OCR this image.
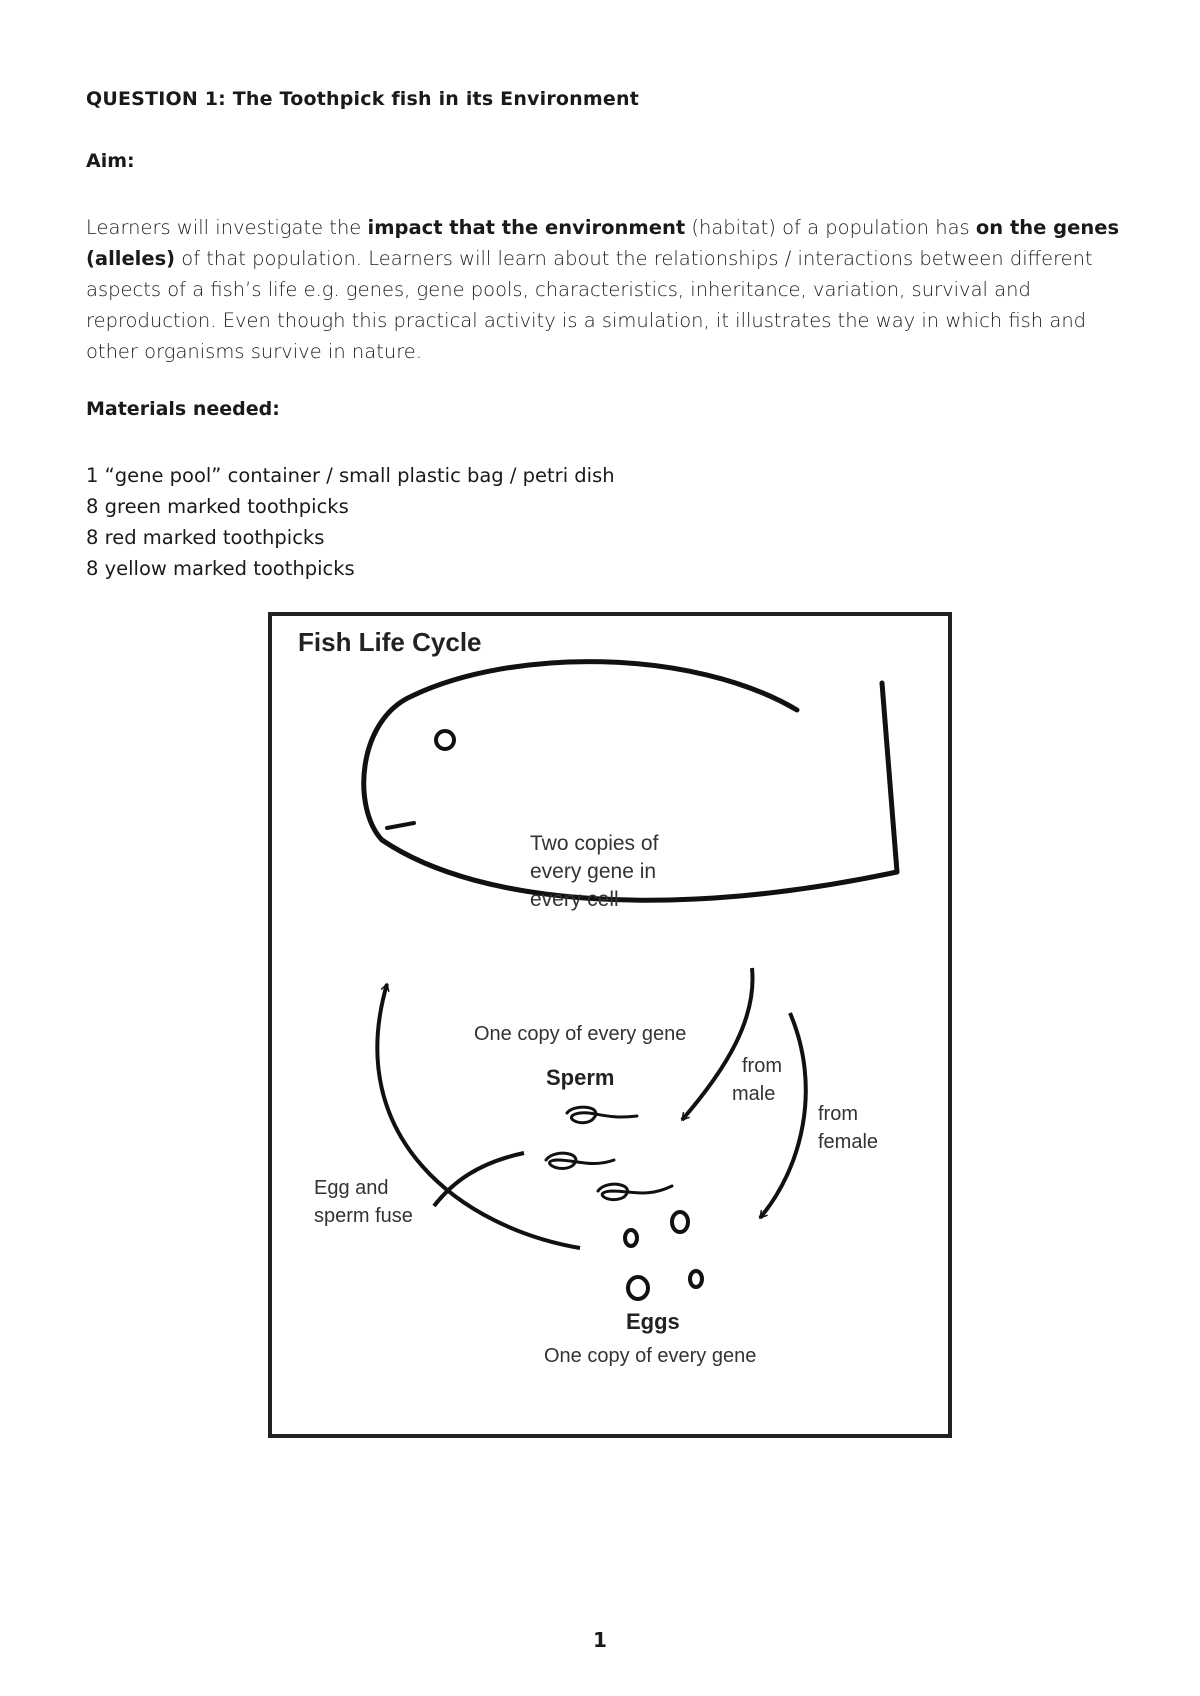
QUESTION 1: The Toothpick fish in its Environment
Aim:
Learners will investigate the impact that the environment (habitat) of a population has on the genes (alleles) of that population. Learners will learn about the relationships / interactions between different aspects of a fish’s life e.g. genes, gene pools, characteristics, inheritance, variation, survival and reproduction. Even though this practical activity is a simulation, it illustrates the way in which fish and other organisms survive in nature.
Materials needed:
1 “gene pool” container / small plastic bag / petri dish
8 green marked toothpicks
8 red marked toothpicks
8 yellow marked toothpicks
Fish Life Cycle
Two copies of
every gene in
every cell
One copy of every gene
Sperm	from
male
from
female
Egg and
sperm fuse
Eggs
One copy of every gene
1
